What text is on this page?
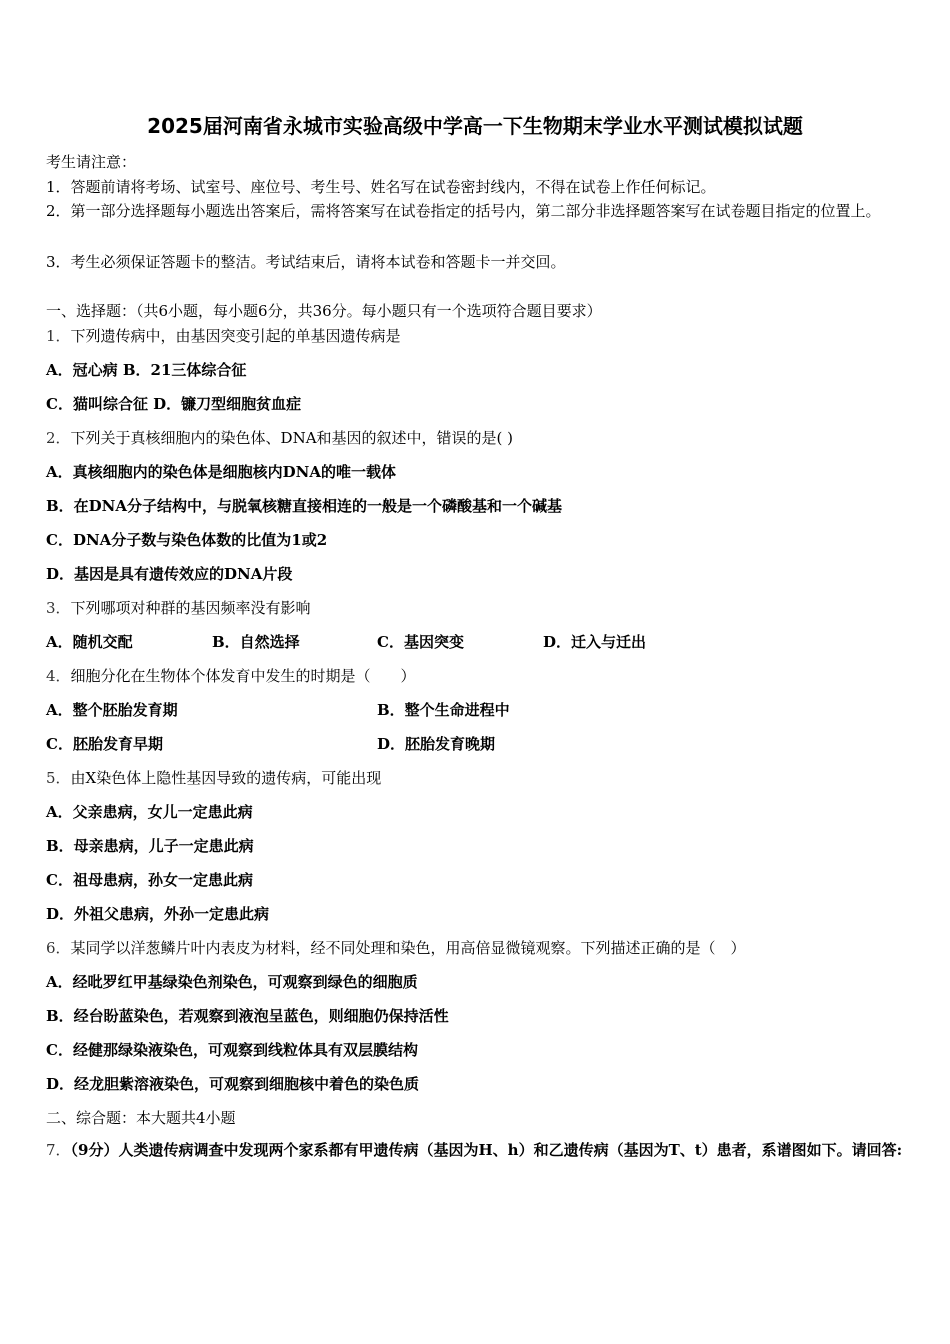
2025届河南省永城市实验高级中学高一下生物期末学业水平测试模拟试题
考生请注意：
1．答题前请将考场、试室号、座位号、考生号、姓名写在试卷密封线内，不得在试卷上作任何标记。
2．第一部分选择题每小题选出答案后，需将答案写在试卷指定的括号内，第二部分非选择题答案写在试卷题目指定的位置上。
3．考生必须保证答题卡的整洁。考试结束后，请将本试卷和答题卡一并交回。
一、选择题：（共6小题，每小题6分，共36分。每小题只有一个选项符合题目要求）
1．下列遗传病中，由基因突变引起的单基因遗传病是
A．冠心病 B．21三体综合征
C．猫叫综合征 D．镰刀型细胞贫血症
2．下列关于真核细胞内的染色体、DNA和基因的叙述中，错误的是( )
A．真核细胞内的染色体是细胞核内DNA的唯一载体
B．在DNA分子结构中，与脱氧核糖直接相连的一般是一个磷酸基和一个碱基
C．DNA分子数与染色体数的比值为1或2
D．基因是具有遗传效应的DNA片段
3．下列哪项对种群的基因频率没有影响
A．随机交配	B．自然选择	C．基因突变	D．迁入与迁出
4．细胞分化在生物体个体发育中发生的时期是（　　）
A．整个胚胎发育期	B．整个生命进程中
C．胚胎发育早期	D．胚胎发育晚期
5．由X染色体上隐性基因导致的遗传病，可能出现
A．父亲患病，女儿一定患此病
B．母亲患病，儿子一定患此病
C．祖母患病，孙女一定患此病
D．外祖父患病，外孙一定患此病
6．某同学以洋葱鳞片叶内表皮为材料，经不同处理和染色，用高倍显微镜观察。下列描述正确的是（　）
A．经吡罗红甲基绿染色剂染色，可观察到绿色的细胞质
B．经台盼蓝染色，若观察到液泡呈蓝色，则细胞仍保持活性
C．经健那绿染液染色，可观察到线粒体具有双层膜结构
D．经龙胆紫溶液染色，可观察到细胞核中着色的染色质
二、综合题：本大题共4小题
7．（9分）人类遗传病调查中发现两个家系都有甲遗传病（基因为H、h）和乙遗传病（基因为T、t）患者，系谱图如下。请回答:
